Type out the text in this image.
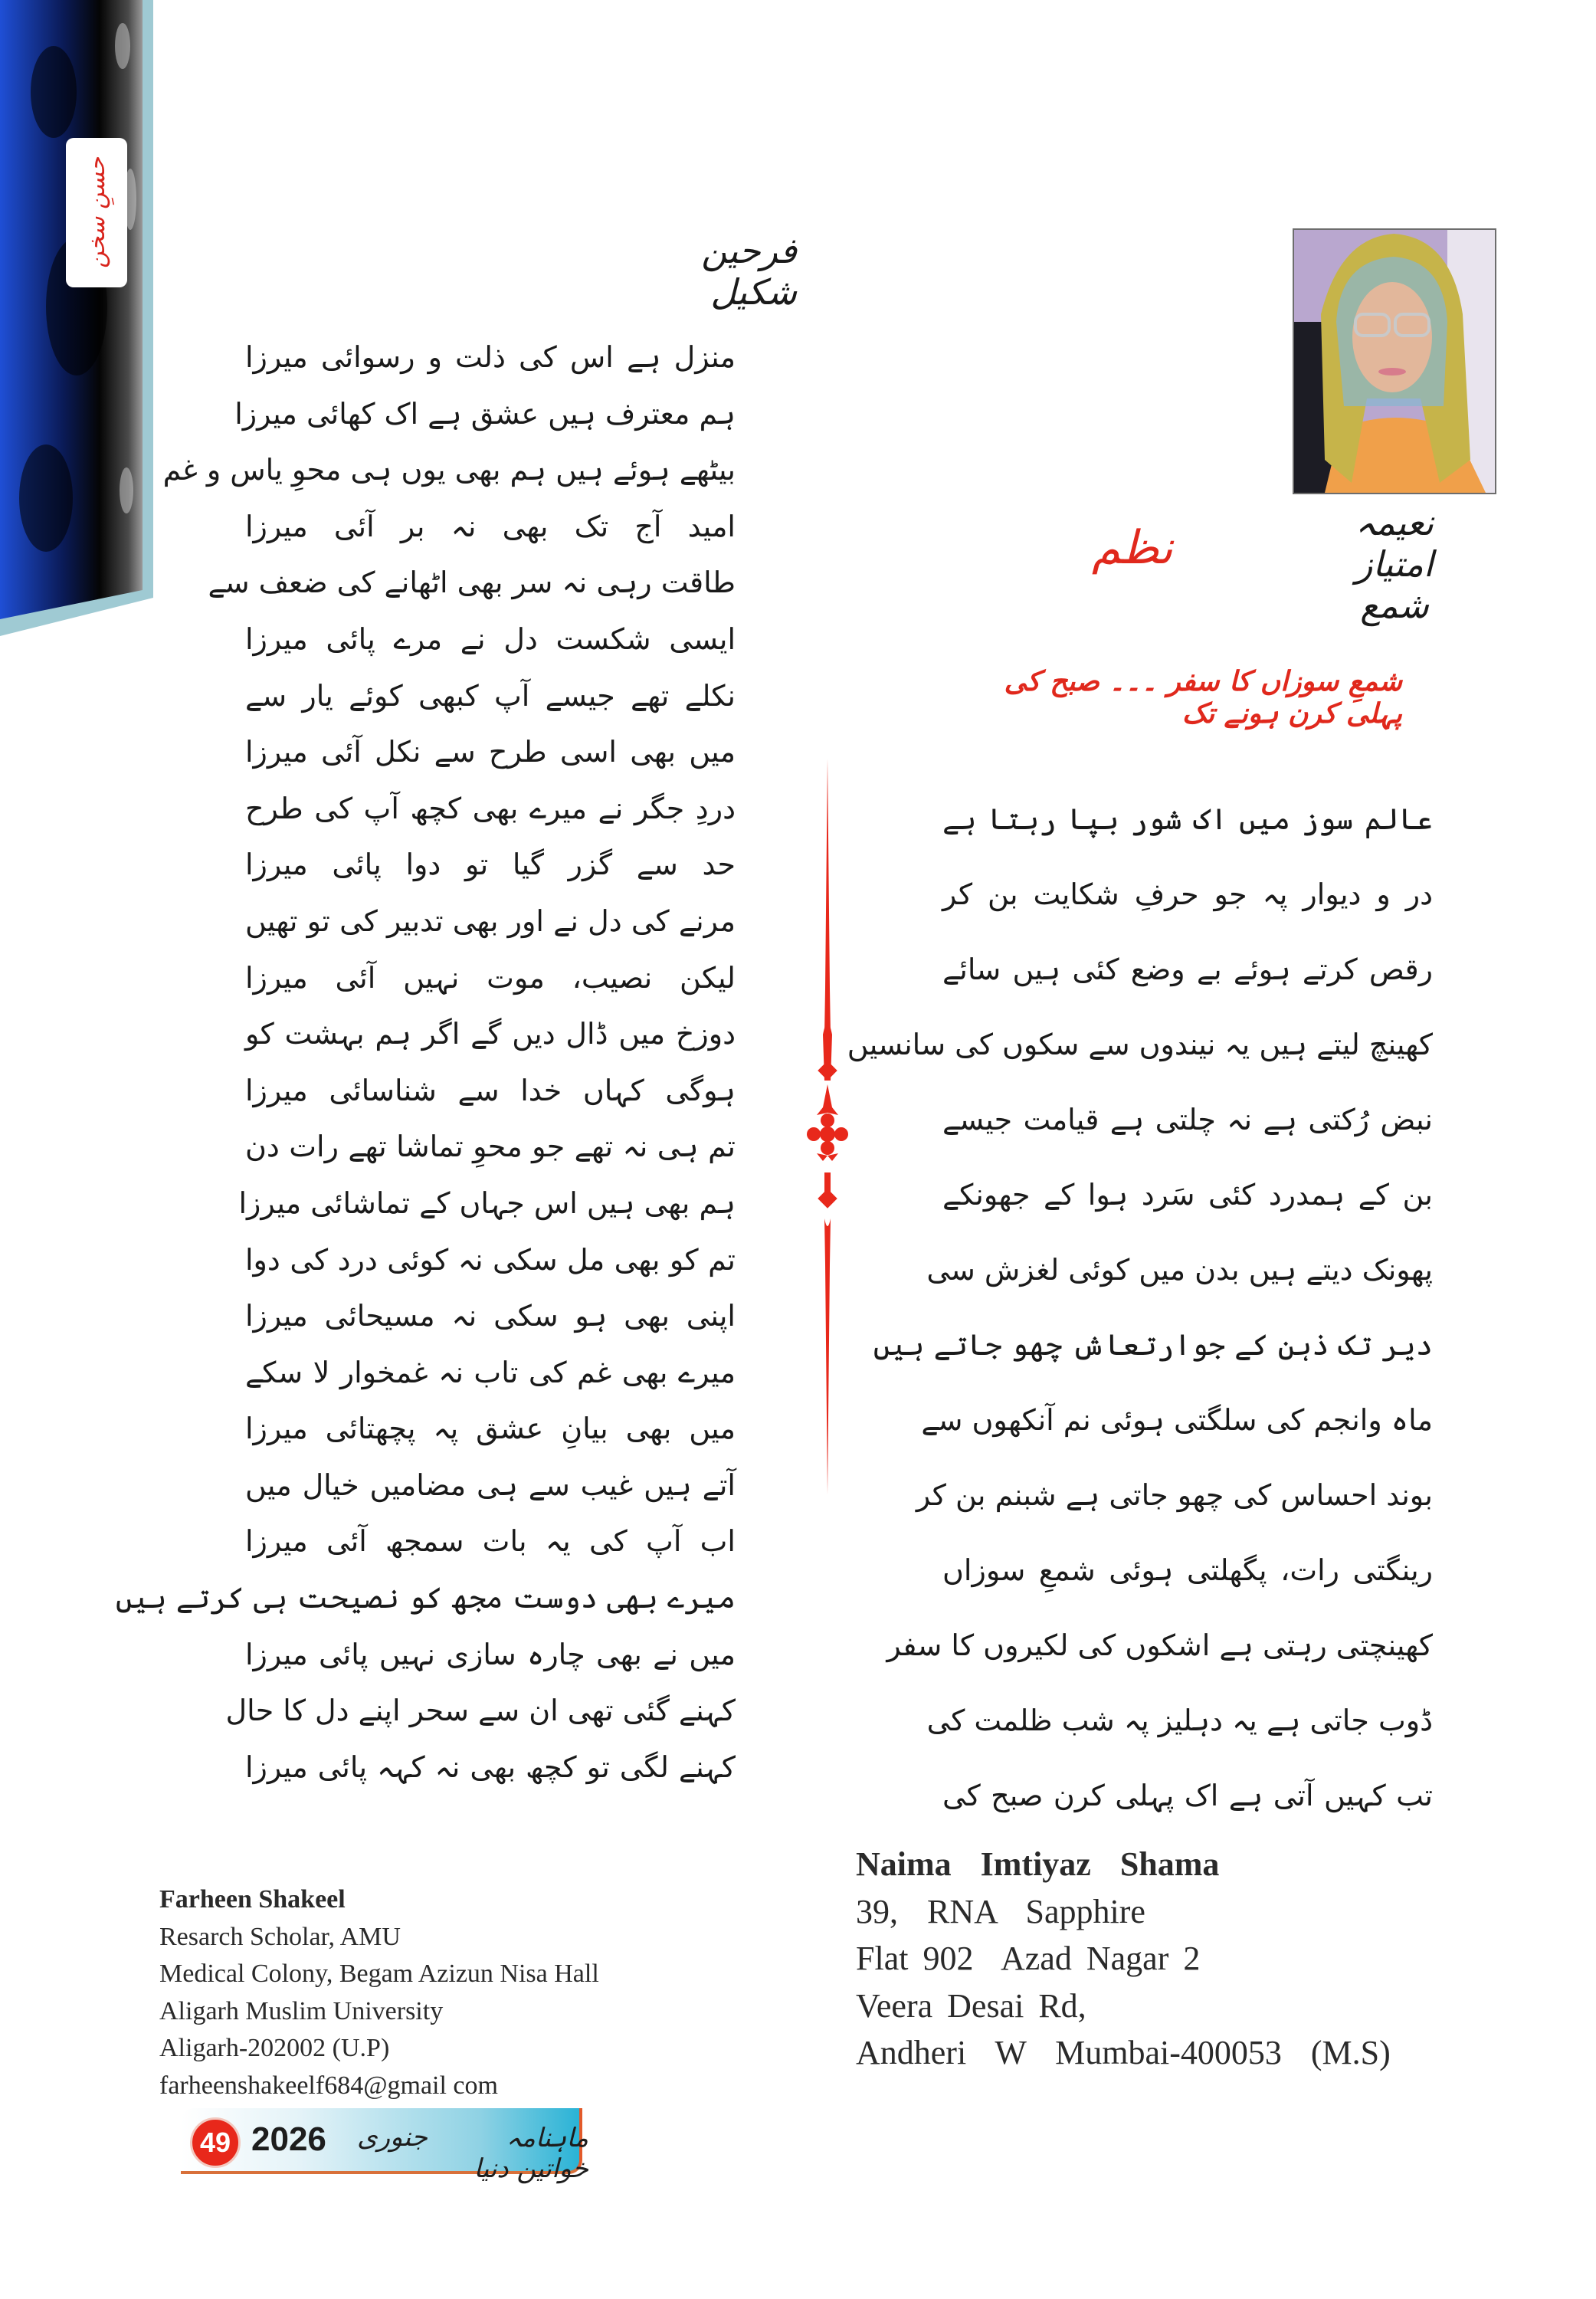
حسنِ سخن	فرحین شکیل
منزل ہے اس کی ذلت و رسوائی میرزا
ہم معترف ہیں عشق ہے اک کھائی میرزا
بیٹھے ہوئے ہیں ہم بھی یوں ہی محوِ یاس و غم
امید آج تک بھی نہ بر آئی میرزا
طاقت رہی نہ سر بھی اٹھانے کی ضعف سے
ایسی شکست دل نے مرے پائی میرزا
نکلے تھے جیسے آپ کبھی کوئے یار سے
میں بھی اسی طرح سے نکل آئی میرزا
دردِ جگر نے میرے بھی کچھ آپ کی طرح
حد سے گزر گیا تو دوا پائی میرزا
مرنے کی دل نے اور بھی تدبیر کی تو تھیں
لیکن نصیب، موت نہیں آئی میرزا
دوزخ میں ڈال دیں گے اگر ہم بہشت کو
ہوگی کہاں خدا سے شناسائی میرزا
تم ہی نہ تھے جو محوِ تماشا تھے رات دن
ہم بھی ہیں اس جہاں کے تماشائی میرزا
تم کو بھی مل سکی نہ کوئی درد کی دوا
اپنی بھی ہو سکی نہ مسیحائی میرزا
میرے بھی غم کی تاب نہ غمخوار لا سکے
میں بھی بیانِ عشق پہ پچھتائی میرزا
آتے ہیں غیب سے ہی مضامیں خیال میں
اب آپ کی یہ بات سمجھ آئی میرزا
میرے بھی دوست مجھ کو نصیحت ہی کرتے ہیں
میں نے بھی چارہ سازی نہیں پائی میرزا
کہنے گئی تھی ان سے سحر اپنے دل کا حال
کہنے لگی تو کچھ بھی نہ کہہ پائی میرزا
نعیمہ امتیاز شمع
نظم
شمعِ سوزاں کا سفر ۔۔۔ صبح کی پہلی کرن ہونے تک
عالم سوز میں اک شور بپا رہتا ہے
در و دیوار پہ جو حرفِ شکایت بن کر
رقص کرتے ہوئے بے وضع کئی ہیں سائے
کھینچ لیتے ہیں یہ نیندوں سے سکوں کی سانسیں
نبض رُکتی ہے نہ چلتی ہے قیامت جیسے
بن کے ہمدرد کئی سَرد ہوا کے جھونکے
پھونک دیتے ہیں بدن میں کوئی لغزش سی
دیر تک ذہن کے جوارتعاش چھو جاتے ہیں
ماہ وانجم کی سلگتی ہوئی نم آنکھوں سے
بوند احساس کی چھو جاتی ہے شبنم بن کر
رینگتی رات، پگھلتی ہوئی شمعِ سوزاں
کھینچتی رہتی ہے اشکوں کی لکیروں کا سفر
ڈوب جاتی ہے یہ دہلیز پہ شب ظلمت کی
تب کہیں آتی ہے اک پہلی کرن صبح کی
Farheen Shakeel
Resarch Scholar, AMU
Medical Colony, Begam Azizun Nisa Hall
Aligarh Muslim University
Aligarh-202002 (U.P)
farheenshakeelf684@gmail com
Naima  Imtiyaz  Shama
39,  RNA  Sapphire
Flat 902  Azad Nagar 2
Veera Desai Rd,
Andheri  W  Mumbai-400053  (M.S)
49 2026 جنوری	ماہنامہ خواتین دنیا
